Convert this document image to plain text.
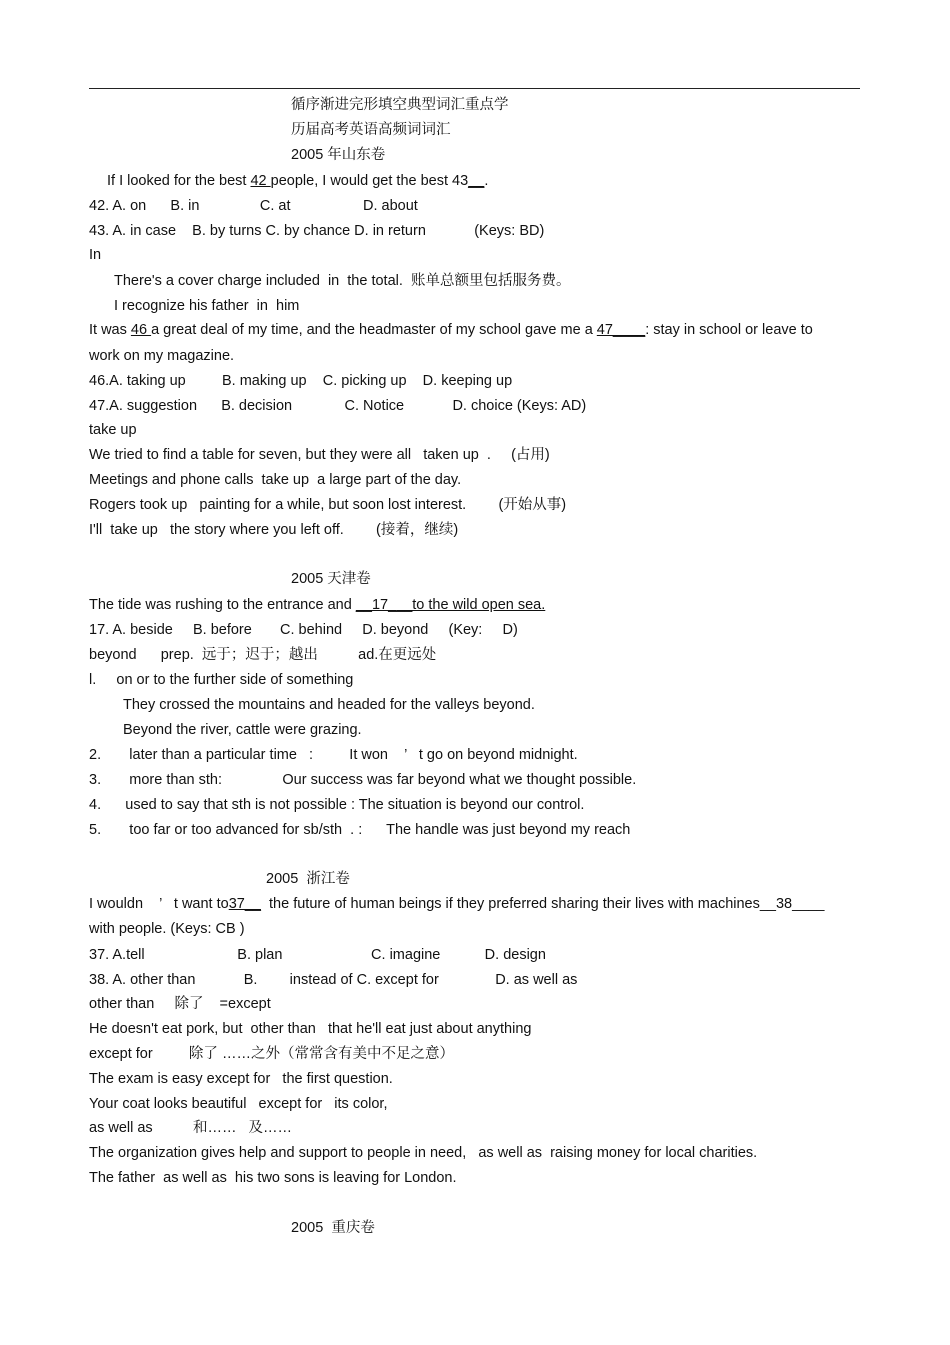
循序渐进完形填空典型词汇重点学
历届高考英语高频词词汇
2005 年山东卷
If I looked for the best 42 people, I would get the best 43__.
42. A. on      B. in               C. at                  D. about
43. A. in case    B. by turns C. by chance D. in return            (Keys: BD)
In
There's a cover charge included  in  the total.  账单总额里包括服务费。
I recognize his father  in  him
It was 46 a great deal of my time, and the headmaster of my school gave me a 47____: stay in school or leave to
work on my magazine.
46.A. taking up         B. making up    C. picking up    D. keeping up
47.A. suggestion      B. decision             C. Notice            D. choice (Keys: AD)
take up
We tried to find a table for seven, but they were all   taken up  .     (占用)
Meetings and phone calls  take up  a large part of the day.
Rogers took up   painting for a while, but soon lost interest.        (开始从事)
I'll  take up   the story where you left off.        (接着，继续)
2005 天津卷
The tide was rushing to the entrance and __17___to the wild open sea.
17. A. beside     B. before       C. behind     D. beyond     (Key:     D)
beyond      prep.  远于；迟于；越出          ad.在更远处
l.     on or to the further side of something
They crossed the mountains and headed for the valleys beyond.
Beyond the river, cattle were grazing.
2.       later than a particular time   :         It won    ’   t go on beyond midnight.
3.       more than sth:               Our success was far beyond what we thought possible.
4.      used to say that sth is not possible : The situation is beyond our control.
5.       too far or too advanced for sb/sth  . :      The handle was just beyond my reach
2005  浙江卷
I wouldn    ’   t want to37__  the future of human beings if they preferred sharing their lives with machines__38____
with people. (Keys: CB )
37. A.tell                       B. plan                      C. imagine           D. design
38. A. other than            B.        instead of C. except for              D. as well as
other than     除了    =except
He doesn't eat pork, but  other than   that he'll eat just about anything
except for         除了 ……之外（常常含有美中不足之意）
The exam is easy except for   the first question.
Your coat looks beautiful   except for   its color,
as well as          和……   及……
The organization gives help and support to people in need,   as well as  raising money for local charities.
The father  as well as  his two sons is leaving for London.
2005  重庆卷
